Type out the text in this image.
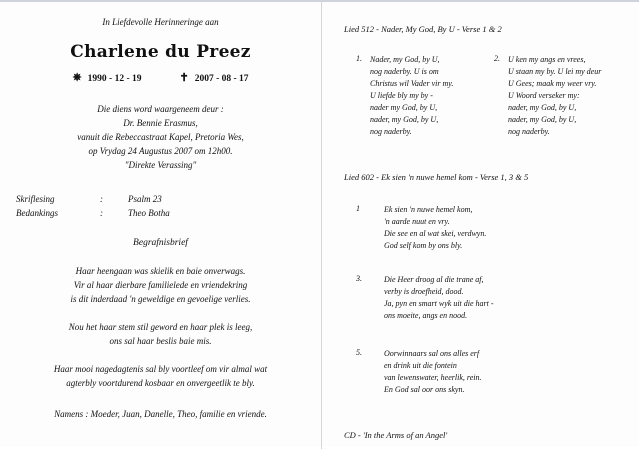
In Liefdevolle Herinneringe aan
Charlene du Preez
✵ 1990 - 12 - 19	✝ 2007 - 08 - 17
Die diens word waargeneem deur :
Dr. Bennie Erasmus,
vanuit die Rebeccastraat Kapel, Pretoria Wes,
op Vrydag 24 Augustus 2007 om 12h00.
"Direkte Verassing"
Skriflesing	:	Psalm 23
Bedankings	:	Theo Botha
Begrafnisbrief
Haar heengaan was skielik en baie onverwags.
Vir al haar dierbare familielede en vriendekring
is dit inderdaad 'n geweldige en gevoelige verlies.
Nou het haar stem stil geword en haar plek is leeg,
ons sal haar beslis baie mis.
Haar mooi nagedagtenis sal bly voortleef om vir almal wat
agterbly voortdurend kosbaar en onvergeetlik te bly.
Namens : Moeder, Juan, Danelle, Theo, familie en vriende.
Lied 512 - Nader, My God, By U - Verse 1 & 2
1. Nader, my God, by U,
nog naderby. U is om
Christus wil Vader vir my.
U liefde bly my by -
nader my God, by U,
nader, my God, by U,
nog naderby.
2. U ken my angs en vrees,
U staan my by. U lei my deur
U Gees; maak my weer vry.
U Woord verseker my:
nader, my God, by U,
nader, my God, by U,
nog naderby.
Lied 602 - Ek sien 'n nuwe hemel kom - Verse 1, 3 & 5
1	Ek sien 'n nuwe hemel kom,
'n aarde nuut en vry.
Die see en al wat skei, verdwyn.
God self kom by ons bly.
3.	Die Heer droog al die trane af,
verby is droefheid, dood.
Ja, pyn en smart wyk uit die hart -
ons moeite, angs en nood.
5.	Oorwinnaars sal ons alles erf
en drink uit die fontein
van lewenswater, heerlik, rein.
En God sal oor ons skyn.
CD - 'In the Arms of an Angel'
